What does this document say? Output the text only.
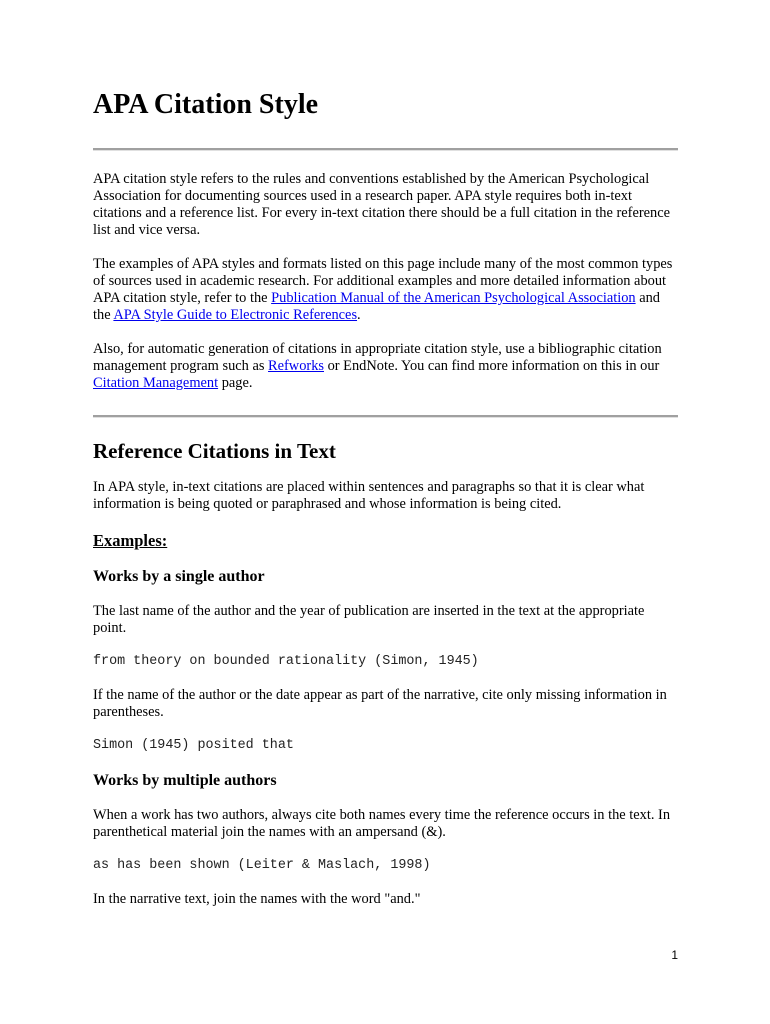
APA Citation Style

APA citation style refers to the rules and conventions established by the American Psychological Association for documenting sources used in a research paper. APA style requires both in-text citations and a reference list. For every in-text citation there should be a full citation in the reference list and vice versa.

The examples of APA styles and formats listed on this page include many of the most common types of sources used in academic research. For additional examples and more detailed information about APA citation style, refer to the Publication Manual of the American Psychological Association and the APA Style Guide to Electronic References.

Also, for automatic generation of citations in appropriate citation style, use a bibliographic citation management program such as Refworks or EndNote. You can find more information on this in our Citation Management page.

Reference Citations in Text

In APA style, in-text citations are placed within sentences and paragraphs so that it is clear what information is being quoted or paraphrased and whose information is being cited.

Examples:
Works by a single author

The last name of the author and the year of publication are inserted in the text at the appropriate point.

from theory on bounded rationality (Simon, 1945)

If the name of the author or the date appear as part of the narrative, cite only missing information in parentheses.

Simon (1945) posited that
Works by multiple authors

When a work has two authors, always cite both names every time the reference occurs in the text. In parenthetical material join the names with an ampersand (&).

as has been shown (Leiter & Maslach, 1998)

In the narrative text, join the names with the word "and."

1
